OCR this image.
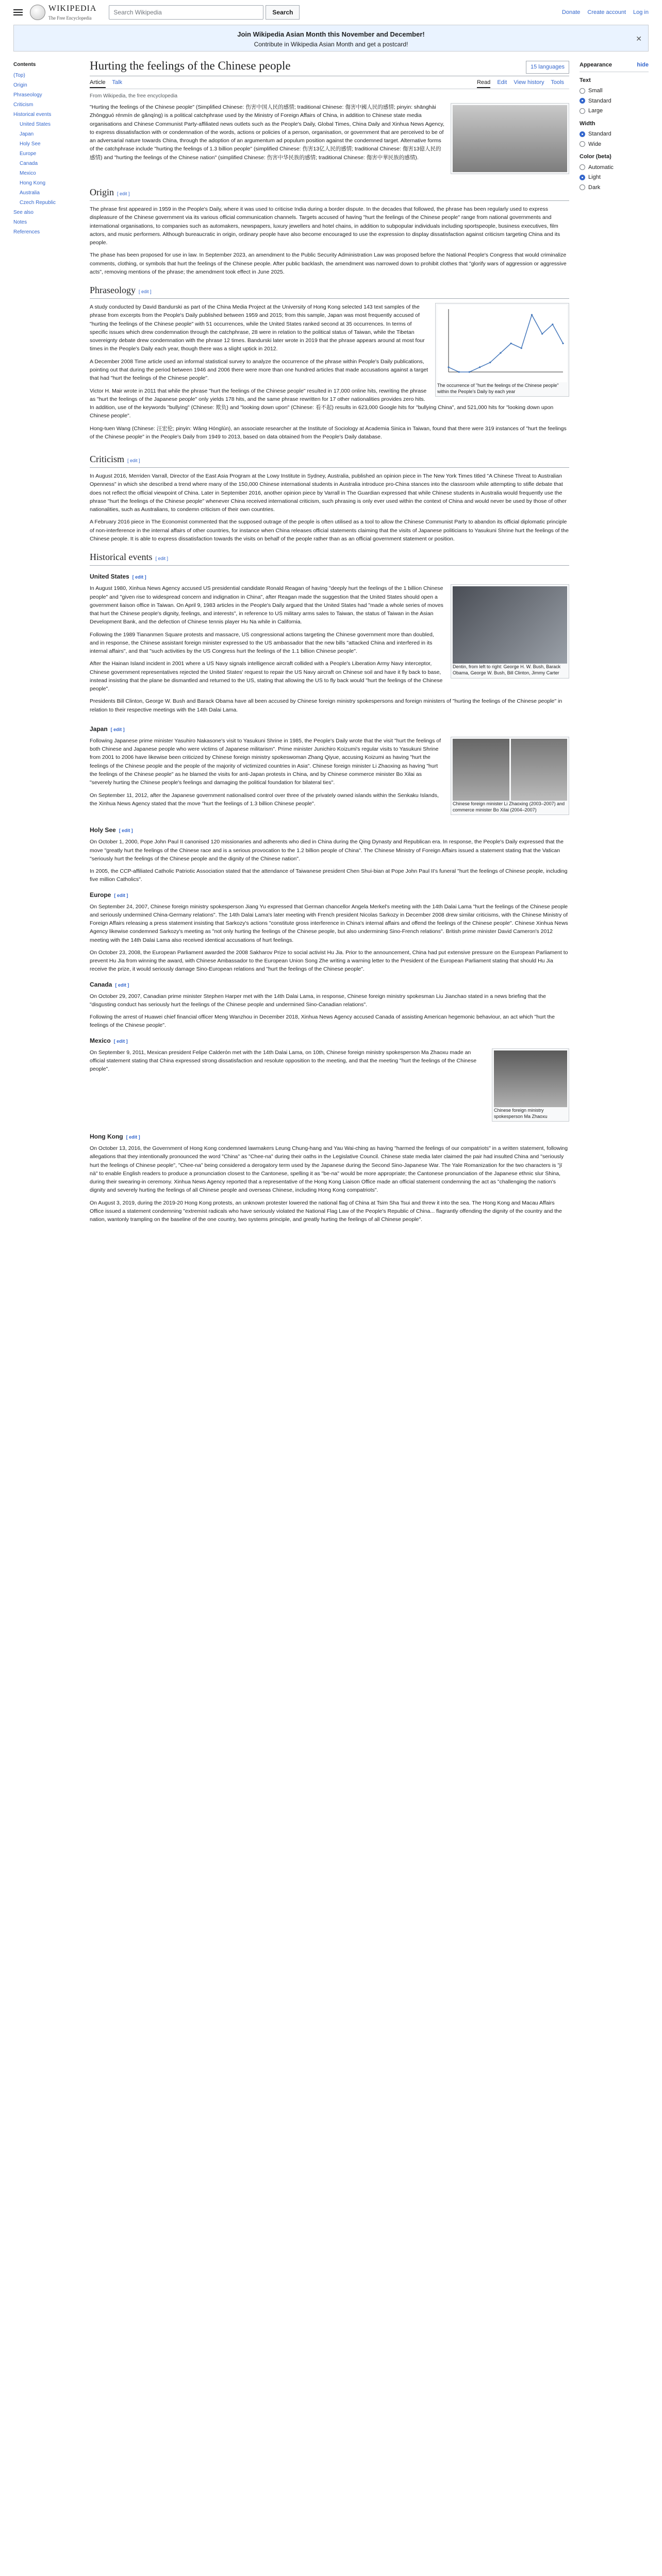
WIKIPEDIA
The Free Encyclopedia
Search Wikipedia	Search	Donate Create account Log in
Join Wikipedia Asian Month this November and December!
Contribute in Wikipedia Asian Month and get a postcard!
✕
Contents
(Top)
Origin
Phraseology
Criticism
Historical events
United States
Japan
Holy See
Europe
Canada
Mexico
Hong Kong
Australia
Czech Republic
See also
Notes
References
Hurting the feelings of the Chinese people	15 languages
Article Talk	Read Edit View history Tools
From Wikipedia, the free encyclopedia

"Hurting the feelings of the Chinese people" (Simplified Chinese: 伤害中国人民的感情; traditional Chinese: 傷害中國人民的感情; pinyin: shānghài Zhōngguó rénmín de gǎnqíng) is a political catchphrase used by the Ministry of Foreign Affairs of China, in addition to Chinese state media organisations and Chinese Communist Party-affiliated news outlets such as the People's Daily, Global Times, China Daily and Xinhua News Agency, to express dissatisfaction with or condemnation of the words, actions or policies of a person, organisation, or government that are perceived to be of an adversarial nature towards China, through the adoption of an argumentum ad populum position against the condemned target. Alternative forms of the catchphrase include "hurting the feelings of 1.3 billion people" (simplified Chinese: 伤害13亿人民的感情; traditional Chinese: 傷害13億人民的感情) and "hurting the feelings of the Chinese nation" (simplified Chinese: 伤害中华民族的感情; traditional Chinese: 傷害中華民族的感情).

Origin [ edit ]

The phrase first appeared in 1959 in the People's Daily, where it was used to criticise India during a border dispute. In the decades that followed, the phrase has been regularly used to express displeasure of the Chinese government via its various official communication channels. Targets accused of having "hurt the feelings of the Chinese people" range from national governments and international organisations, to companies such as automakers, newspapers, luxury jewellers and hotel chains, in addition to subpopular individuals including sportspeople, business executives, film actors, and music performers. Although bureaucratic in origin, ordinary people have also become encouraged to use the expression to display dissatisfaction against criticism targeting China and its people.

The phase has been proposed for use in law. In September 2023, an amendment to the Public Security Administration Law was proposed before the National People's Congress that would criminalize comments, clothing, or symbols that hurt the feelings of the Chinese people. After public backlash, the amendment was narrowed down to prohibit clothes that "glorify wars of aggression or aggressive acts", removing mentions of the phrase; the amendment took effect in June 2025.

Phraseology [ edit ]
The occurrence of "hurt the feelings of the Chinese people" within the People's Daily by each year

A study conducted by David Bandurski as part of the China Media Project at the University of Hong Kong selected 143 text samples of the phrase from excerpts from the People's Daily published between 1959 and 2015; from this sample, Japan was most frequently accused of "hurting the feelings of the Chinese people" with 51 occurrences, while the United States ranked second at 35 occurrences. In terms of specific issues which drew condemnation through the catchphrase, 28 were in relation to the political status of Taiwan, while the Tibetan sovereignty debate drew condemnation with the phrase 12 times. Bandurski later wrote in 2019 that the phrase appears around at most four times in the People's Daily each year, though there was a slight uptick in 2012.

A December 2008 Time article used an informal statistical survey to analyze the occurrence of the phrase within People's Daily publications, pointing out that during the period between 1946 and 2006 there were more than one hundred articles that made accusations against a target that had "hurt the feelings of the Chinese people".

Victor H. Mair wrote in 2011 that while the phrase "hurt the feelings of the Chinese people" resulted in 17,000 online hits, rewriting the phrase as "hurt the feelings of the Japanese people" only yields 178 hits, and the same phrase rewritten for 17 other nationalities provides zero hits. In addition, use of the keywords "bullying" (Chinese: 欺负) and "looking down upon" (Chinese: 看不起) results in 623,000 Google hits for "bullying China", and 521,000 hits for "looking down upon Chinese people".

Hong-tuen Wang (Chinese: 汪宏伦; pinyin: Wāng Hónglún), an associate researcher at the Institute of Sociology at Academia Sinica in Taiwan, found that there were 319 instances of "hurt the feelings of the Chinese people" in the People's Daily from 1949 to 2013, based on data obtained from the People's Daily database.

Criticism [ edit ]

In August 2016, Merriden Varrall, Director of the East Asia Program at the Lowy Institute in Sydney, Australia, published an opinion piece in The New York Times titled "A Chinese Threat to Australian Openness" in which she described a trend where many of the 150,000 Chinese international students in Australia introduce pro-China stances into the classroom while attempting to stifle debate that does not reflect the official viewpoint of China. Later in September 2016, another opinion piece by Varrall in The Guardian expressed that while Chinese students in Australia would frequently use the phrase "hurt the feelings of the Chinese people" whenever China received international criticism, such phrasing is only ever used within the context of China and would never be used by those of other nationalities, such as Australians, to condemn criticism of their own countries.

A February 2016 piece in The Economist commented that the supposed outrage of the people is often utilised as a tool to allow the Chinese Communist Party to abandon its official diplomatic principle of non-interference in the internal affairs of other countries, for instance when China releases official statements claiming that the visits of Japanese politicians to Yasukuni Shrine hurt the feelings of the Chinese people. It is able to express dissatisfaction towards the visits on behalf of the people rather than as an official government statement or position.

Historical events [ edit ]
United States [ edit ]
Dentin, from left to right: George H. W. Bush, Barack Obama, George W. Bush, Bill Clinton, Jimmy Carter

In August 1980, Xinhua News Agency accused US presidential candidate Ronald Reagan of having "deeply hurt the feelings of the 1 billion Chinese people" and "given rise to widespread concern and indignation in China", after Reagan made the suggestion that the United States should open a government liaison office in Taiwan. On April 9, 1983 articles in the People's Daily argued that the United States had "made a whole series of moves that hurt the Chinese people's dignity, feelings, and interests", in reference to US military arms sales to Taiwan, the status of Taiwan in the Asian Development Bank, and the defection of Chinese tennis player Hu Na while in California.

Following the 1989 Tiananmen Square protests and massacre, US congressional actions targeting the Chinese government more than doubled, and in response, the Chinese assistant foreign minister expressed to the US ambassador that the new bills "attacked China and interfered in its internal affairs", and that "such activities by the US Congress hurt the feelings of the 1.1 billion Chinese people".

After the Hainan Island incident in 2001 where a US Navy signals intelligence aircraft collided with a People's Liberation Army Navy interceptor, Chinese government representatives rejected the United States' request to repair the US Navy aircraft on Chinese soil and have it fly back to base, instead insisting that the plane be dismantled and returned to the US, stating that allowing the US to fly back would "hurt the feelings of the Chinese people".

Presidents Bill Clinton, George W. Bush and Barack Obama have all been accused by Chinese foreign ministry spokespersons and foreign ministers of "hurting the feelings of the Chinese people" in relation to their respective meetings with the 14th Dalai Lama.

Japan [ edit ]
Chinese foreign minister Li Zhaoxing (2003–2007) and commerce minister Bo Xilai (2004–2007)

Following Japanese prime minister Yasuhiro Nakasone's visit to Yasukuni Shrine in 1985, the People's Daily wrote that the visit "hurt the feelings of both Chinese and Japanese people who were victims of Japanese militarism". Prime minister Junichiro Koizumi's regular visits to Yasukuni Shrine from 2001 to 2006 have likewise been criticized by Chinese foreign ministry spokeswoman Zhang Qiyue, accusing Koizumi as having "hurt the feelings of the Chinese people and the people of the majority of victimized countries in Asia". Chinese foreign minister Li Zhaoxing as having "hurt the feelings of the Chinese people" as he blamed the visits for anti-Japan protests in China, and by Chinese commerce minister Bo Xilai as "severely hurting the Chinese people's feelings and damaging the political foundation for bilateral ties".

On September 11, 2012, after the Japanese government nationalised control over three of the privately owned islands within the Senkaku Islands, the Xinhua News Agency stated that the move "hurt the feelings of 1.3 billion Chinese people".

Holy See [ edit ]

On October 1, 2000, Pope John Paul II canonised 120 missionaries and adherents who died in China during the Qing Dynasty and Republican era. In response, the People's Daily expressed that the move "greatly hurt the feelings of the Chinese race and is a serious provocation to the 1.2 billion people of China". The Chinese Ministry of Foreign Affairs issued a statement stating that the Vatican "seriously hurt the feelings of the Chinese people and the dignity of the Chinese nation".

In 2005, the CCP-affiliated Catholic Patriotic Association stated that the attendance of Taiwanese president Chen Shui-bian at Pope John Paul II's funeral "hurt the feelings of Chinese people, including five million Catholics".

Europe [ edit ]

On September 24, 2007, Chinese foreign ministry spokesperson Jiang Yu expressed that German chancellor Angela Merkel's meeting with the 14th Dalai Lama "hurt the feelings of the Chinese people and seriously undermined China-Germany relations". The 14th Dalai Lama's later meeting with French president Nicolas Sarkozy in December 2008 drew similar criticisms, with the Chinese Ministry of Foreign Affairs releasing a press statement insisting that Sarkozy's actions "constitute gross interference in China's internal affairs and offend the feelings of the Chinese people". Chinese Xinhua News Agency likewise condemned Sarkozy's meeting as "not only hurting the feelings of the Chinese people, but also undermining Sino-French relations". British prime minister David Cameron's 2012 meeting with the 14th Dalai Lama also received identical accusations of hurt feelings.

On October 23, 2008, the European Parliament awarded the 2008 Sakharov Prize to social activist Hu Jia. Prior to the announcement, China had put extensive pressure on the European Parliament to prevent Hu Jia from winning the award, with Chinese Ambassador to the European Union Song Zhe writing a warning letter to the President of the European Parliament stating that should Hu Jia receive the prize, it would seriously damage Sino-European relations and "hurt the feelings of the Chinese people".

Canada [ edit ]

On October 29, 2007, Canadian prime minister Stephen Harper met with the 14th Dalai Lama, in response, Chinese foreign ministry spokesman Liu Jianchao stated in a news briefing that the "disgusting conduct has seriously hurt the feelings of the Chinese people and undermined Sino-Canadian relations".

Following the arrest of Huawei chief financial officer Meng Wanzhou in December 2018, Xinhua News Agency accused Canada of assisting American hegemonic behaviour, an act which "hurt the feelings of the Chinese people".

Mexico [ edit ]
Chinese foreign ministry spokesperson Ma Zhaoxu

On September 9, 2011, Mexican president Felipe Calderón met with the 14th Dalai Lama, on 10th, Chinese foreign ministry spokesperson Ma Zhaoxu made an official statement stating that China expressed strong dissatisfaction and resolute opposition to the meeting, and that the meeting "hurt the feelings of the Chinese people".

Hong Kong [ edit ]

On October 13, 2016, the Government of Hong Kong condemned lawmakers Leung Chung-hang and Yau Wai-ching as having "harmed the feelings of our compatriots" in a written statement, following allegations that they intentionally pronounced the word "China" as "Chee-na" during their oaths in the Legislative Council. Chinese state media later claimed the pair had insulted China and "seriously hurt the feelings of Chinese people", "Chee-na" being considered a derogatory term used by the Japanese during the Second Sino-Japanese War. The Yale Romanization for the two characters is "jī nà" to enable English readers to produce a pronunciation closest to the Cantonese, spelling it as "be-na" would be more appropriate; the Cantonese pronunciation of the Japanese ethnic slur Shina, during their swearing-in ceremony. Xinhua News Agency reported that a representative of the Hong Kong Liaison Office made an official statement condemning the act as "challenging the nation's dignity and severely hurting the feelings of all Chinese people and overseas Chinese, including Hong Kong compatriots".

On August 3, 2019, during the 2019-20 Hong Kong protests, an unknown protester lowered the national flag of China at Tsim Sha Tsui and threw it into the sea. The Hong Kong and Macau Affairs Office issued a statement condemning "extremist radicals who have seriously violated the National Flag Law of the People's Republic of China... flagrantly offending the dignity of the country and the nation, wantonly trampling on the baseline of the one country, two systems principle, and greatly hurting the feelings of all Chinese people".

Appearance	hide
Text
Small
Standard
Large
Width
Standard
Wide
Color (beta)
Automatic
Light
Dark
